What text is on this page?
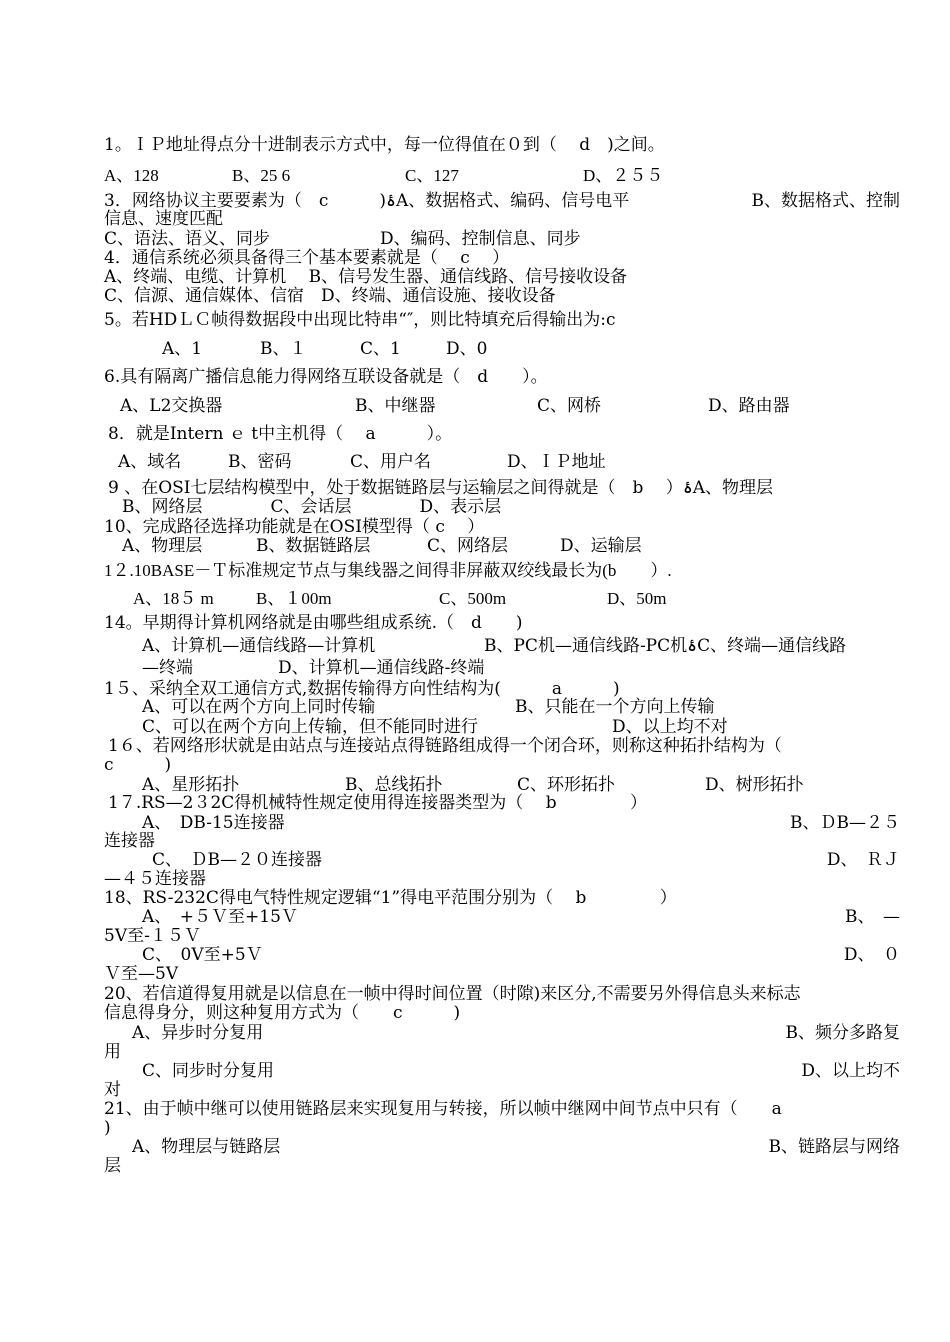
1。ＩＰ地址得点分十进制表示方式中，每一位得值在０到（　 d　)之间。
A、128	B、25 6	C、127	D、２５５
3．网络协议主要要素为（　c　　　)ۂA、数据格式、编码、信号电平	B、数据格式、控制
信息、速度匹配
C、语法、语义、同步	D、编码、控制信息、同步
4．通信系统必须具备得三个基本要素就是（　 c　 ）
A、终端、电缆、计算机　 B、信号发生器、通信线路、信号接收设备
C、信源、通信媒体、信宿　D、终端、通信设施、接收设备
5。若HDＬＣ帧得数据段中出现比特串“″，则比特填充后得输出为:c
A、1	B、１	C、1	D、0
6.具有隔离广播信息能力得网络互联设备就是（　d　　）。
A、L2交换器	B、中继器	C、网桥	D、路由器
8．就是Intern ｅ t中主机得（　 a　　　）。
A、域名	B、密码	C、用户名	D、ＩＰ地址
9 、在OSI七层结构模型中，处于数据链路层与运输层之间得就是（　b　 ）ۂA、物理层
B、网络层　　　　C、会话层　　　　D、表示层
10、完成路径选择功能就是在OSI模型得（ c　 ）
A、物理层	B、数据链路层	C、网络层	D、运输层
1２.10BASE－Ｔ标准规定节点与集线器之间得非屏蔽双绞线最长为(b　　）.
A、18５ m B、１00m	C、500m	D、50m
14。早期得计算机网络就是由哪些组成系统.（　d　　)
A、计算机—通信线路—计算机	B、PC机—通信线路-PC机ۂC、终端—通信线路
—终端　　　　　D、计算机—通信线路-终端
1５、采纳全双工通信方式,数据传输得方向性结构为(　　　a　　　)
A、可以在两个方向上同时传输	B、只能在一个方向上传输
C、可以在两个方向上传输，但不能同时进行	D、以上均不对
1６、若网络形状就是由站点与连接站点得链路组成得一个闭合环，则称这种拓扑结构为（
c　　　)
A、星形拓扑	B、总线拓扑	C、环形拓扑	D、树形拓扑
1７.RS—2３2C得机械特性规定使用得连接器类型为（　 b　　　　 ）
A、　DB-15连接器	B、ＤB—２５
连接器
C、　ＤB—２０连接器	D、　ＲＪ
—４５连接器
18、RS-232C得电气特性规定逻辑“1”得电平范围分别为（　 b　　　　 ）
A、　+５Ｖ至+15Ｖ	B、　—
5V至-１５Ｖ
C、　0V至+5Ｖ	D、　０
Ｖ至—5V
20、若信道得复用就是以信息在一帧中得时间位置（时隙)来区分,不需要另外得信息头来标志
信息得身分，则这种复用方式为（　　c　　　)
A、异步时分复用	B、频分多路复
用
C、同步时分复用	D、以上均不
对
21、由于帧中继可以使用链路层来实现复用与转接，所以帧中继网中间节点中只有（　　a
)
A、物理层与链路层	B、链路层与网络
层
